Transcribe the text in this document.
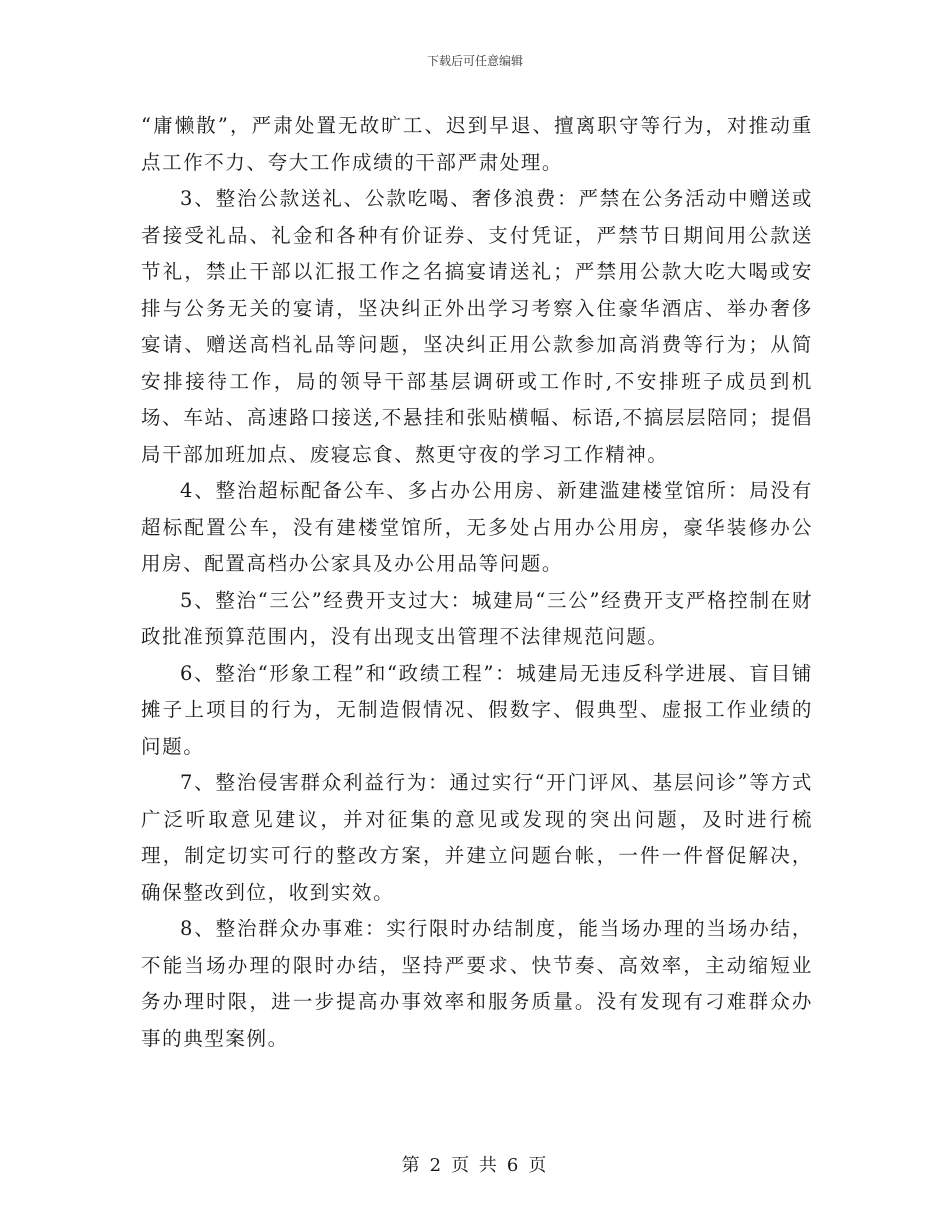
下载后可任意编辑

“庸懒散”，严肃处置无故旷工、迟到早退、擅离职守等行为，对推动重点工作不力、夸大工作成绩的干部严肃处理。

3、整治公款送礼、公款吃喝、奢侈浪费：严禁在公务活动中赠送或者接受礼品、礼金和各种有价证券、支付凭证，严禁节日期间用公款送节礼，禁止干部以汇报工作之名搞宴请送礼；严禁用公款大吃大喝或安排与公务无关的宴请，坚决纠正外出学习考察入住豪华酒店、举办奢侈宴请、赠送高档礼品等问题，坚决纠正用公款参加高消费等行为；从简安排接待工作，局的领导干部基层调研或工作时,不安排班子成员到机场、车站、高速路口接送,不悬挂和张贴横幅、标语,不搞层层陪同；提倡局干部加班加点、废寝忘食、熬更守夜的学习工作精神。

4、整治超标配备公车、多占办公用房、新建滥建楼堂馆所：局没有超标配置公车，没有建楼堂馆所，无多处占用办公用房，豪华装修办公用房、配置高档办公家具及办公用品等问题。

5、整治“三公”经费开支过大：城建局“三公”经费开支严格控制在财政批准预算范围内，没有出现支出管理不法律规范问题。

6、整治“形象工程”和“政绩工程”：城建局无违反科学进展、盲目铺摊子上项目的行为，无制造假情况、假数字、假典型、虚报工作业绩的问题。

7、整治侵害群众利益行为：通过实行“开门评风、基层问诊”等方式广泛听取意见建议，并对征集的意见或发现的突出问题，及时进行梳理，制定切实可行的整改方案，并建立问题台帐，一件一件督促解决，确保整改到位，收到实效。

8、整治群众办事难：实行限时办结制度，能当场办理的当场办结，不能当场办理的限时办结，坚持严要求、快节奏、高效率，主动缩短业务办理时限，进一步提高办事效率和服务质量。没有发现有刁难群众办事的典型案例。

第 2 页 共 6 页
